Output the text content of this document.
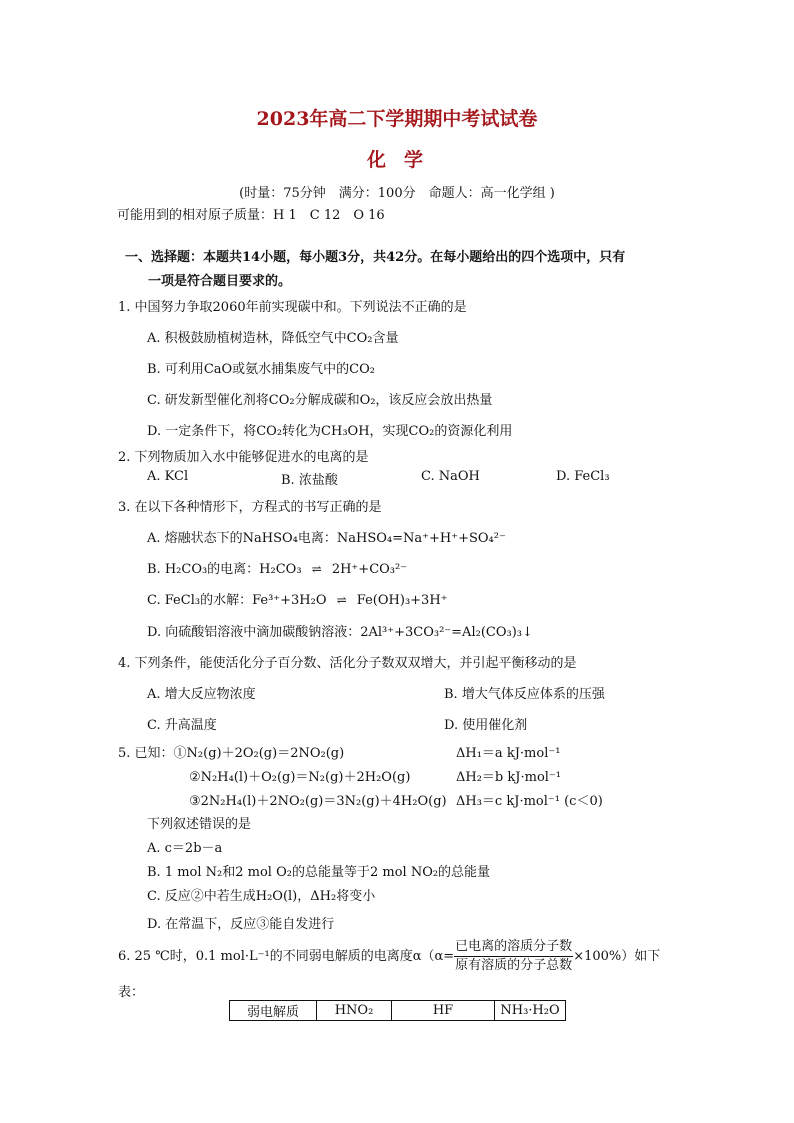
2023年高二下学期期中考试试卷
化学
(时量：75分钟　满分：100分　命题人：高一化学组 )
可能用到的相对原子质量：H 1　C 12　O 16
一、选择题：本题共14小题，每小题3分，共42分。在每小题给出的四个选项中，只有
一项是符合题目要求的。
1. 中国努力争取2060年前实现碳中和。下列说法不正确的是
A. 积极鼓励植树造林，降低空气中CO₂含量
B. 可利用CaO或氨水捕集废气中的CO₂
C. 研发新型催化剂将CO₂分解成碳和O₂，该反应会放出热量
D. 一定条件下，将CO₂转化为CH₃OH，实现CO₂的资源化利用
2. 下列物质加入水中能够促进水的电离的是
A. KCl	B. 浓盐酸	C. NaOH	D. FeCl₃
3. 在以下各种情形下，方程式的书写正确的是
A. 熔融状态下的NaHSO₄电离：NaHSO₄=Na⁺+H⁺+SO₄²⁻
B. H₂CO₃的电离：H₂CO₃ ⇌ 2H⁺+CO₃²⁻
C. FeCl₃的水解：Fe³⁺+3H₂O ⇌ Fe(OH)₃+3H⁺
D. 向硫酸铝溶液中滴加碳酸钠溶液：2Al³⁺+3CO₃²⁻=Al₂(CO₃)₃↓
4. 下列条件，能使活化分子百分数、活化分子数双双增大，并引起平衡移动的是
A. 增大反应物浓度	B. 增大气体反应体系的压强
C. 升高温度	D. 使用催化剂
5. 已知：①N₂(g)＋2O₂(g)＝2NO₂(g)	ΔH₁＝a kJ·mol⁻¹
②N₂H₄(l)＋O₂(g)＝N₂(g)＋2H₂O(g)	ΔH₂＝b kJ·mol⁻¹
③2N₂H₄(l)＋2NO₂(g)＝3N₂(g)＋4H₂O(g) ΔH₃＝c kJ·mol⁻¹ (c＜0)
下列叙述错误的是
A. c＝2b－a
B. 1 mol N₂和2 mol O₂的总能量等于2 mol NO₂的总能量
C. 反应②中若生成H₂O(l)，ΔH₂将变小
D. 在常温下，反应③能自发进行
6. 25 ℃时，0.1 mol·L⁻¹的不同弱电解质的电离度$\alpha(\alpha= \frac{\text{已电离的溶质分子数}}{\text{原有溶质的分子总数}} \times 100\%)$如下
表：
弱电解质	HNO₂	HF	NH₃·H₂O
